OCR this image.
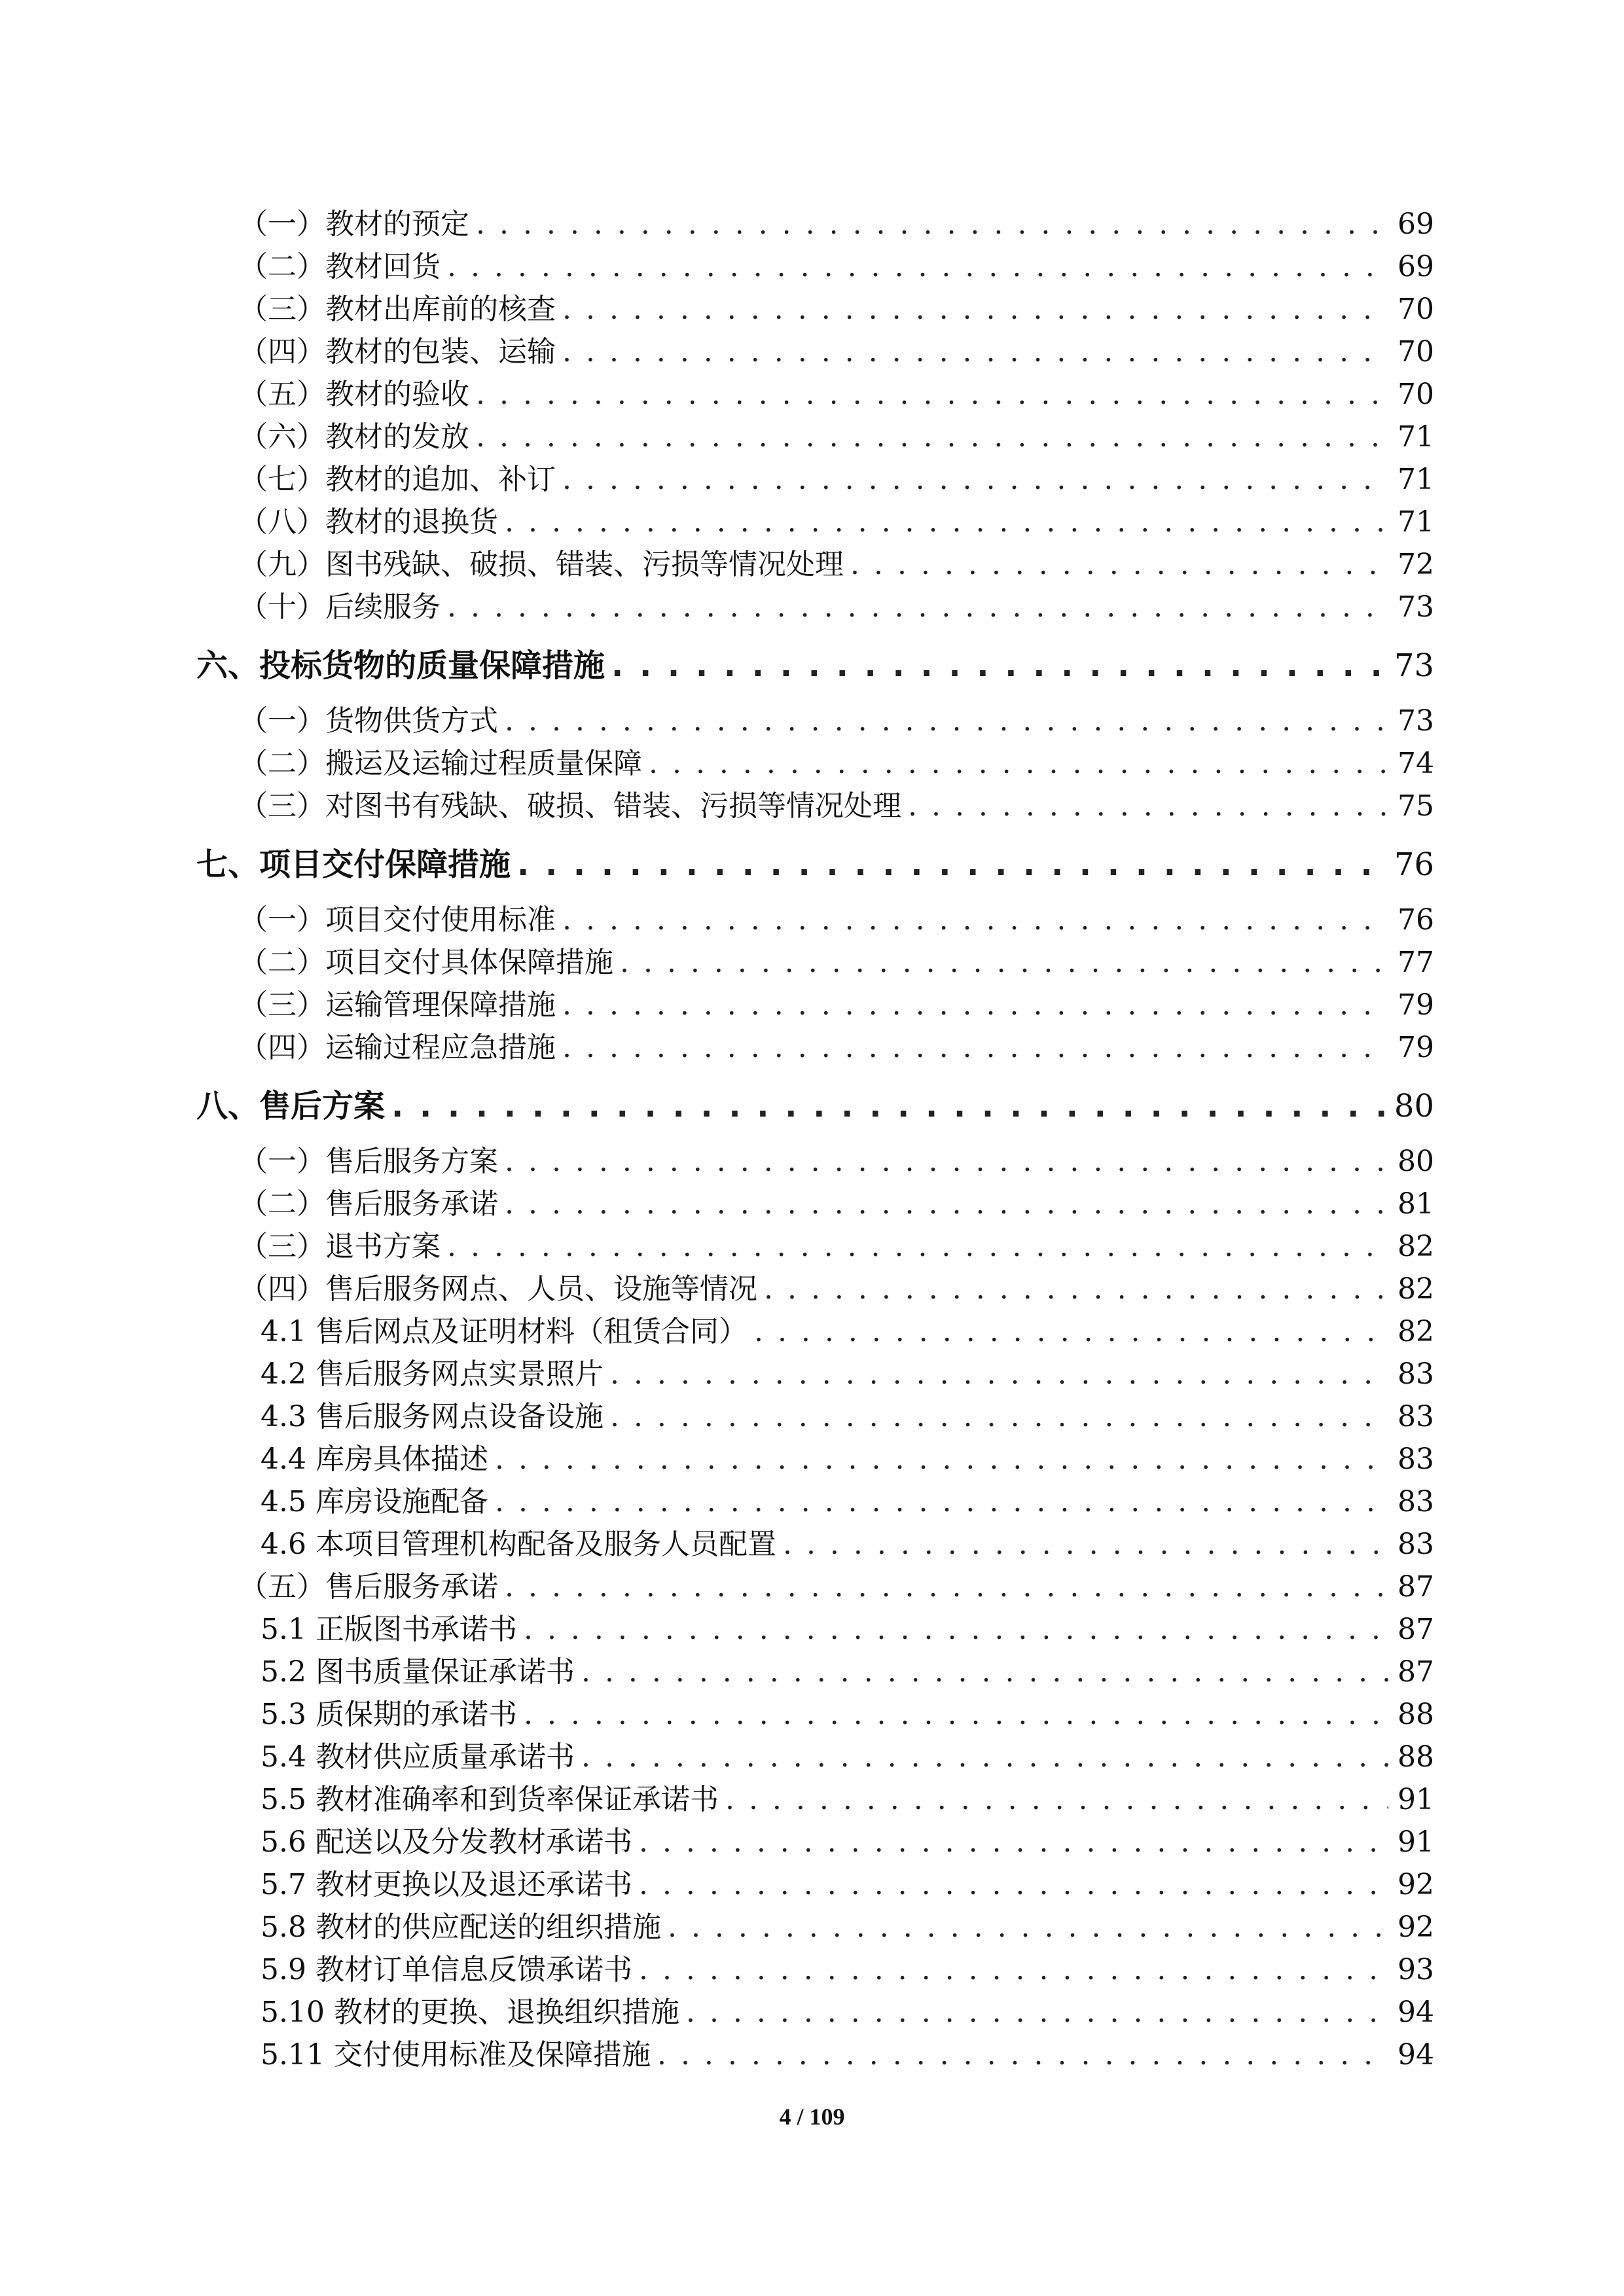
（一）教材的预定 . . .	69
（二）教材回货 . . .	69
（三）教材出库前的核查 . . .	70
（四）教材的包装、运输 . . .	70
（五）教材的验收 . . .	70
（六）教材的发放 . . .	71
（七）教材的追加、补订 . . .	71
（八）教材的退换货 . . .	71
（九）图书残缺、破损、错装、污损等情况处理 . . .	72
（十）后续服务 . . .	73
六、投标货物的质量保障措施 . . .	73
（一）货物供货方式 . . .	73
（二）搬运及运输过程质量保障 . . .	74
（三）对图书有残缺、破损、错装、污损等情况处理 . . .	75
七、项目交付保障措施 . . .	76
（一）项目交付使用标准 . . .	76
（二）项目交付具体保障措施 . . .	77
（三）运输管理保障措施 . . .	79
（四）运输过程应急措施 . . .	79
八、售后方案 . . .	80
（一）售后服务方案 . . .	80
（二）售后服务承诺 . . .	81
（三）退书方案 . . .	82
（四）售后服务网点、人员、设施等情况 . . .	82
4.1 售后网点及证明材料（租赁合同） . . .	82
4.2 售后服务网点实景照片 . . .	83
4.3 售后服务网点设备设施 . . .	83
4.4 库房具体描述 . . .	83
4.5 库房设施配备 . . .	83
4.6 本项目管理机构配备及服务人员配置 . . .	83
（五）售后服务承诺 . . .	87
5.1 正版图书承诺书 . . .	87
5.2 图书质量保证承诺书 . . .	87
5.3 质保期的承诺书 . . .	88
5.4 教材供应质量承诺书 . . .	88
5.5 教材准确率和到货率保证承诺书 . . .	91
5.6 配送以及分发教材承诺书 . . .	91
5.7 教材更换以及退还承诺书 . . .	92
5.8 教材的供应配送的组织措施 . . .	92
5.9 教材订单信息反馈承诺书 . . .	93
5.10 教材的更换、退换组织措施 . . .	94
5.11 交付使用标准及保障措施 . . .	94
4 / 109
